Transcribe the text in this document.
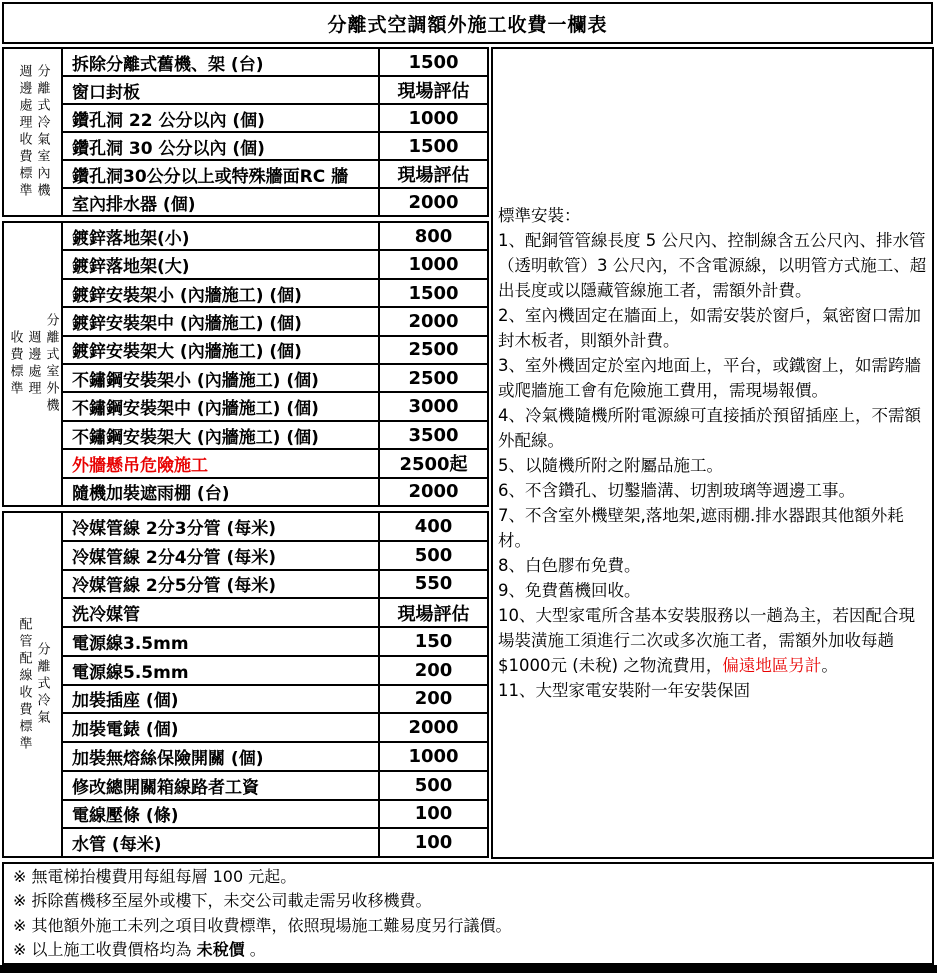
分離式空調額外施工收費一欄表
分離式冷氣室內機
週邊處理收費標準	拆除分離式舊機、架 (台)	1500
窗口封板	現場評估
鑽孔洞 22 公分以內 (個)	1000
鑽孔洞 30 公分以內 (個)	1500
鑽孔洞30公分以上或特殊牆面RC 牆	現場評估
室內排水器 (個)	2000
分離式室外機
週邊處理
收費標準
鍍鋅落地架(小)	800
鍍鋅落地架(大)	1000
鍍鋅安裝架小 (內牆施工) (個)	1500
鍍鋅安裝架中 (內牆施工) (個)	2000
鍍鋅安裝架大 (內牆施工) (個)	2500
不鏽鋼安裝架小 (內牆施工) (個)	2500
不鏽鋼安裝架中 (內牆施工) (個)	3000
不鏽鋼安裝架大 (內牆施工) (個)	3500
外牆懸吊危險施工	2500起
隨機加裝遮雨棚 (台)	2000
分離式冷氣
配管配線收費標準
冷媒管線 2分3分管 (每米)	400
冷媒管線 2分4分管 (每米)	500
冷媒管線 2分5分管 (每米)	550
洗冷媒管	現場評估
電源線3.5mm	150
電源線5.5mm	200
加裝插座 (個)	200
加裝電錶 (個)	2000
加裝無熔絲保險開關 (個)	1000
修改總開關箱線路者工資	500
電線壓條 (條)	100
水管 (每米)	100
標準安裝：
1、配銅管管線長度 5 公尺內、控制線含五公尺內、排水管（透明軟管）3 公尺內，不含電源線，以明管方式施工、超出長度或以隱藏管線施工者，需額外計費。
2、室內機固定在牆面上，如需安裝於窗戶，氣密窗口需加封木板者，則額外計費。
3、室外機固定於室內地面上，平台，或鐵窗上，如需跨牆或爬牆施工會有危險施工費用，需現場報價。
4、冷氣機隨機所附電源線可直接插於預留插座上，不需額外配線。
5、以隨機所附之附屬品施工。
6、不含鑽孔、切鑿牆溝、切割玻璃等週邊工事。
7、不含室外機壁架,落地架,遮雨棚.排水器跟其他額外耗材。
8、白色膠布免費。
9、免費舊機回收。
10、大型家電所含基本安裝服務以一趟為主，若因配合現場裝潢施工須進行二次或多次施工者，需額外加收每趟 $1000元 (未稅) 之物流費用，偏遠地區另計。
11、大型家電安裝附一年安裝保固
※ 無電梯抬樓費用每組每層 100 元起。
※ 拆除舊機移至屋外或樓下，未交公司載走需另收移機費。
※ 其他額外施工未列之項目收費標準，依照現場施工難易度另行議價。
※ 以上施工收費價格均為 未稅價 。
